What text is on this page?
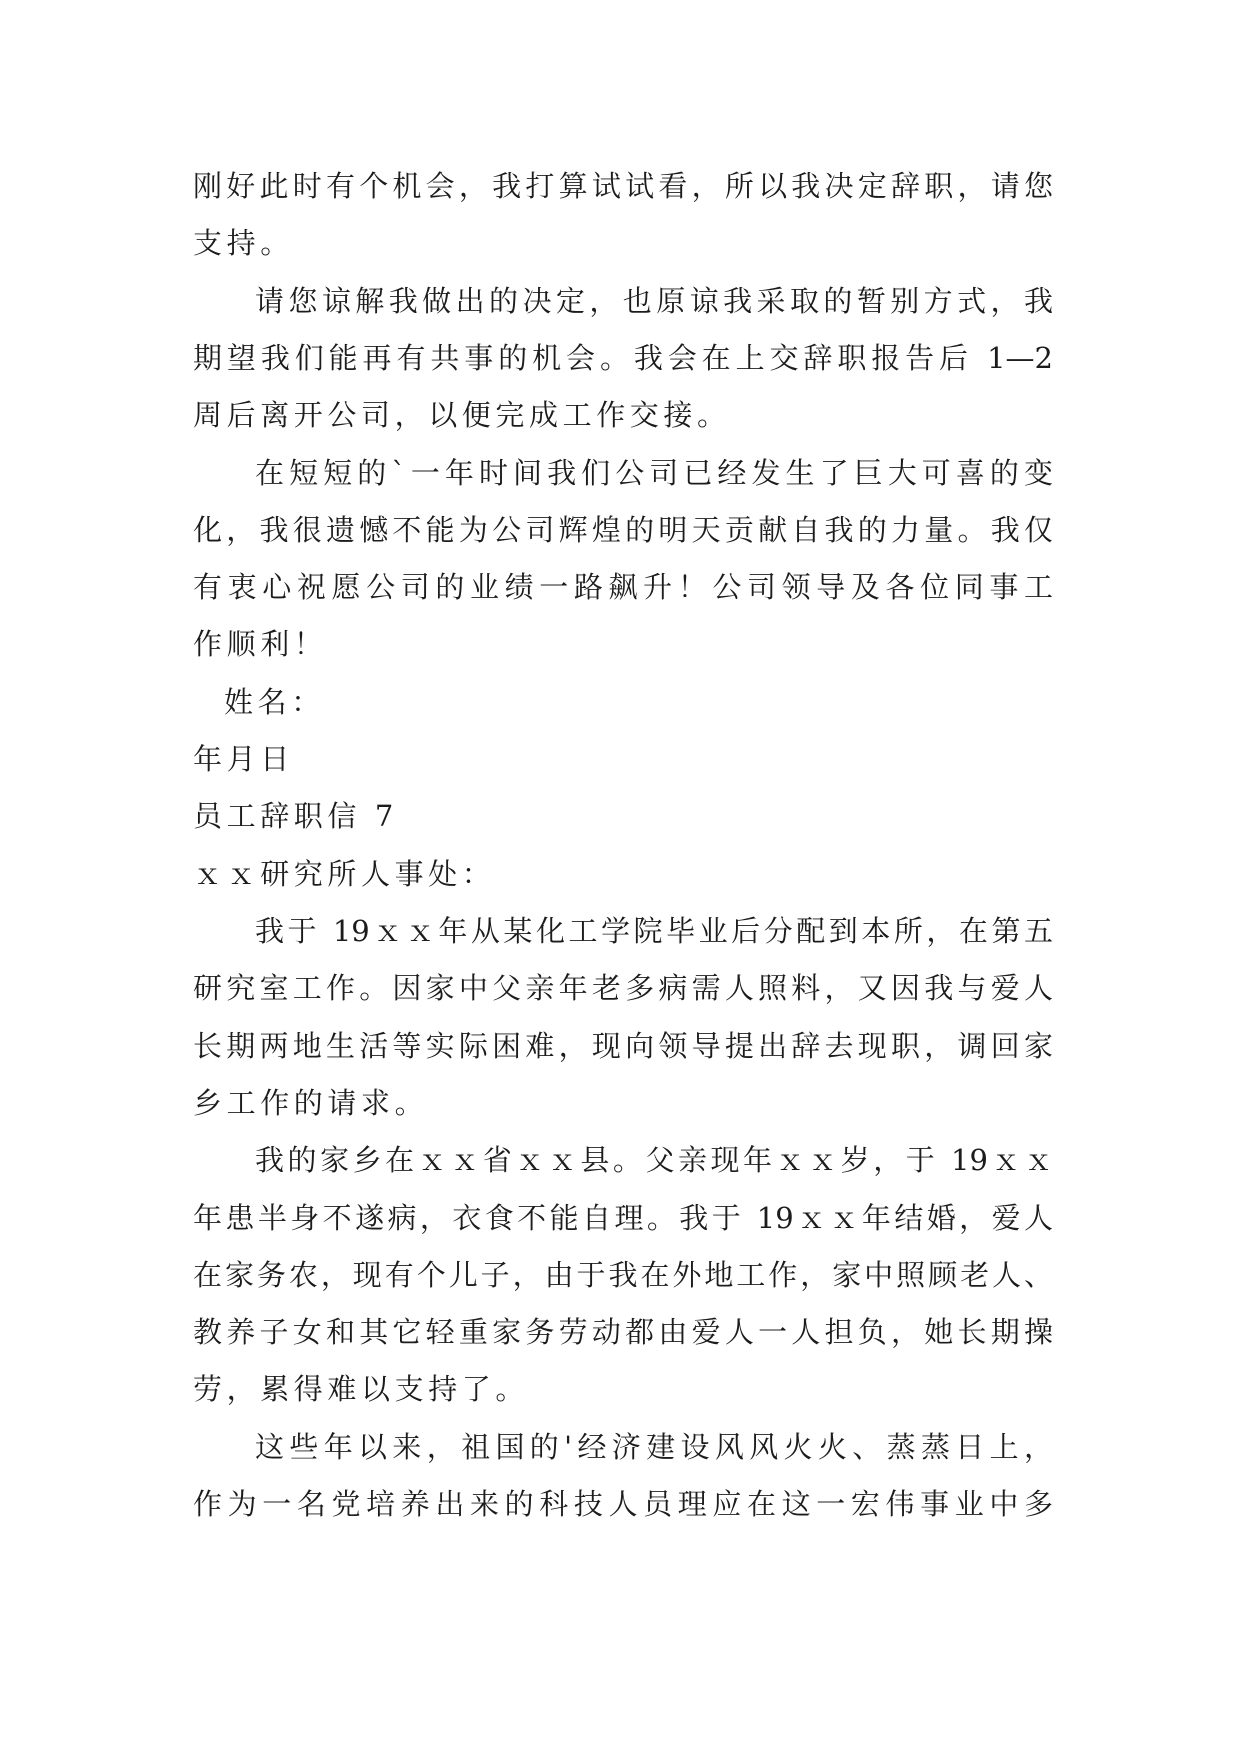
刚好此时有个机会，我打算试试看，所以我决定辞职，请您

支持。

请您谅解我做出的决定，也原谅我采取的暂别方式，我

期望我们能再有共事的机会。我会在上交辞职报告后 1—2

周后离开公司，以便完成工作交接。

在短短的`一年时间我们公司已经发生了巨大可喜的变

化，我很遗憾不能为公司辉煌的明天贡献自我的力量。我仅

有衷心祝愿公司的业绩一路飙升！公司领导及各位同事工

作顺利！

姓名：

年月日

员工辞职信 7

ｘｘ研究所人事处：

我于 19ｘｘ年从某化工学院毕业后分配到本所，在第五

研究室工作。因家中父亲年老多病需人照料，又因我与爱人

长期两地生活等实际困难，现向领导提出辞去现职，调回家

乡工作的请求。

我的家乡在ｘｘ省ｘｘ县。父亲现年ｘｘ岁，于 19ｘｘ

年患半身不遂病，衣食不能自理。我于 19ｘｘ年结婚，爱人

在家务农，现有个儿子，由于我在外地工作，家中照顾老人、

教养子女和其它轻重家务劳动都由爱人一人担负，她长期操

劳，累得难以支持了。

这些年以来，祖国的'经济建设风风火火、蒸蒸日上，

作为一名党培养出来的科技人员理应在这一宏伟事业中多
